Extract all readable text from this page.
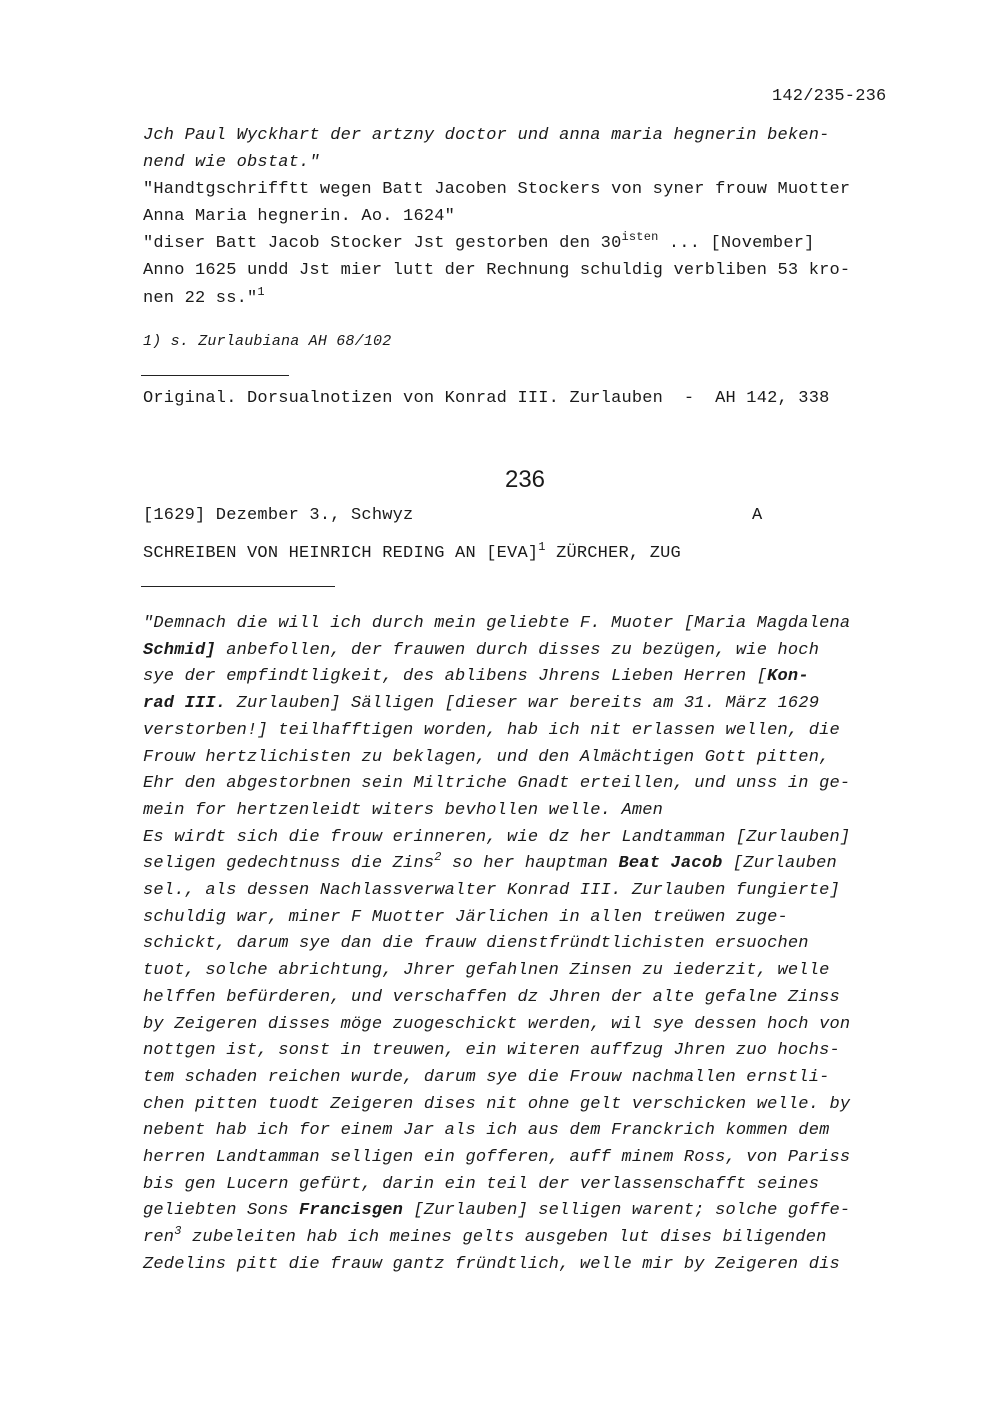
142/235-236
Jch Paul Wyckhart der artzny doctor und anna maria hegnerin beken-
nend wie obstat."
"Handtgschrifftt wegen Batt Jacoben Stockers von syner frouw Muotter
Anna Maria hegnerin. Ao. 1624"
"diser Batt Jacob Stocker Jst gestorben den $30^{isten}$ ... [November]
Anno 1625 undd Jst mier lutt der Rechnung schuldig verbliben 53 kro-
nen 22 ss."$^1$
1) s. Zurlaubiana AH 68/102
Original. Dorsualnotizen von Konrad III. Zurlauben  -  AH 142, 338
236
[1629] Dezember 3., Schwyz	A
SCHREIBEN VON HEINRICH REDING AN [EVA]$^1$ ZÜRCHER, ZUG
"Demnach die will ich durch mein geliebte F. Muoter [Maria Magdalena
Schmid] anbefollen, der frauwen durch disses zu bezügen, wie hoch
sye der empfindtligkeit, des ablibens Jhrens Lieben Herren [Kon-
rad III. Zurlauben] Sälligen [dieser war bereits am 31. März 1629
verstorben!] teilhafftigen worden, hab ich nit erlassen wellen, die
Frouw hertzlichisten zu beklagen, und den Almächtigen Gott pitten,
Ehr den abgestorbnen sein Miltriche Gnadt erteillen, und unss in ge-
mein for hertzenleidt witers bevhollen welle. Amen
Es wirdt sich die frouw erinneren, wie dz her Landtamman [Zurlauben]
seligen gedechtnuss die Zins$^2$ so her hauptman Beat Jacob [Zurlauben
sel., als dessen Nachlassverwalter Konrad III. Zurlauben fungierte]
schuldig war, miner F Muotter Järlichen in allen treüwen zuge-
schickt, darum sye dan die frauw dienstfründtlichisten ersuochen
tuot, solche abrichtung, Jhrer gefahlnen Zinsen zu iederzit, welle
helffen befürderen, und verschaffen dz Jhren der alte gefalne Zinss
by Zeigeren disses möge zuogeschickt werden, wil sye dessen hoch von
nottgen ist, sonst in treuwen, ein witeren auffzug Jhren zuo hochs-
tem schaden reichen wurde, darum sye die Frouw nachmallen ernstli-
chen pitten tuodt Zeigeren dises nit ohne gelt verschicken welle. by
nebent hab ich for einem Jar als ich aus dem Franckrich kommen dem
herren Landtamman selligen ein gofferen, auff minem Ross, von Pariss
bis gen Lucern gefürt, darin ein teil der verlassenschafft seines
geliebten Sons Francisgen [Zurlauben] selligen warent; solche goffe-
ren$^3$ zubeleiten hab ich meines gelts ausgeben lut dises biligenden
Zedelins pitt die frauw gantz fründtlich, welle mir by Zeigeren dis
